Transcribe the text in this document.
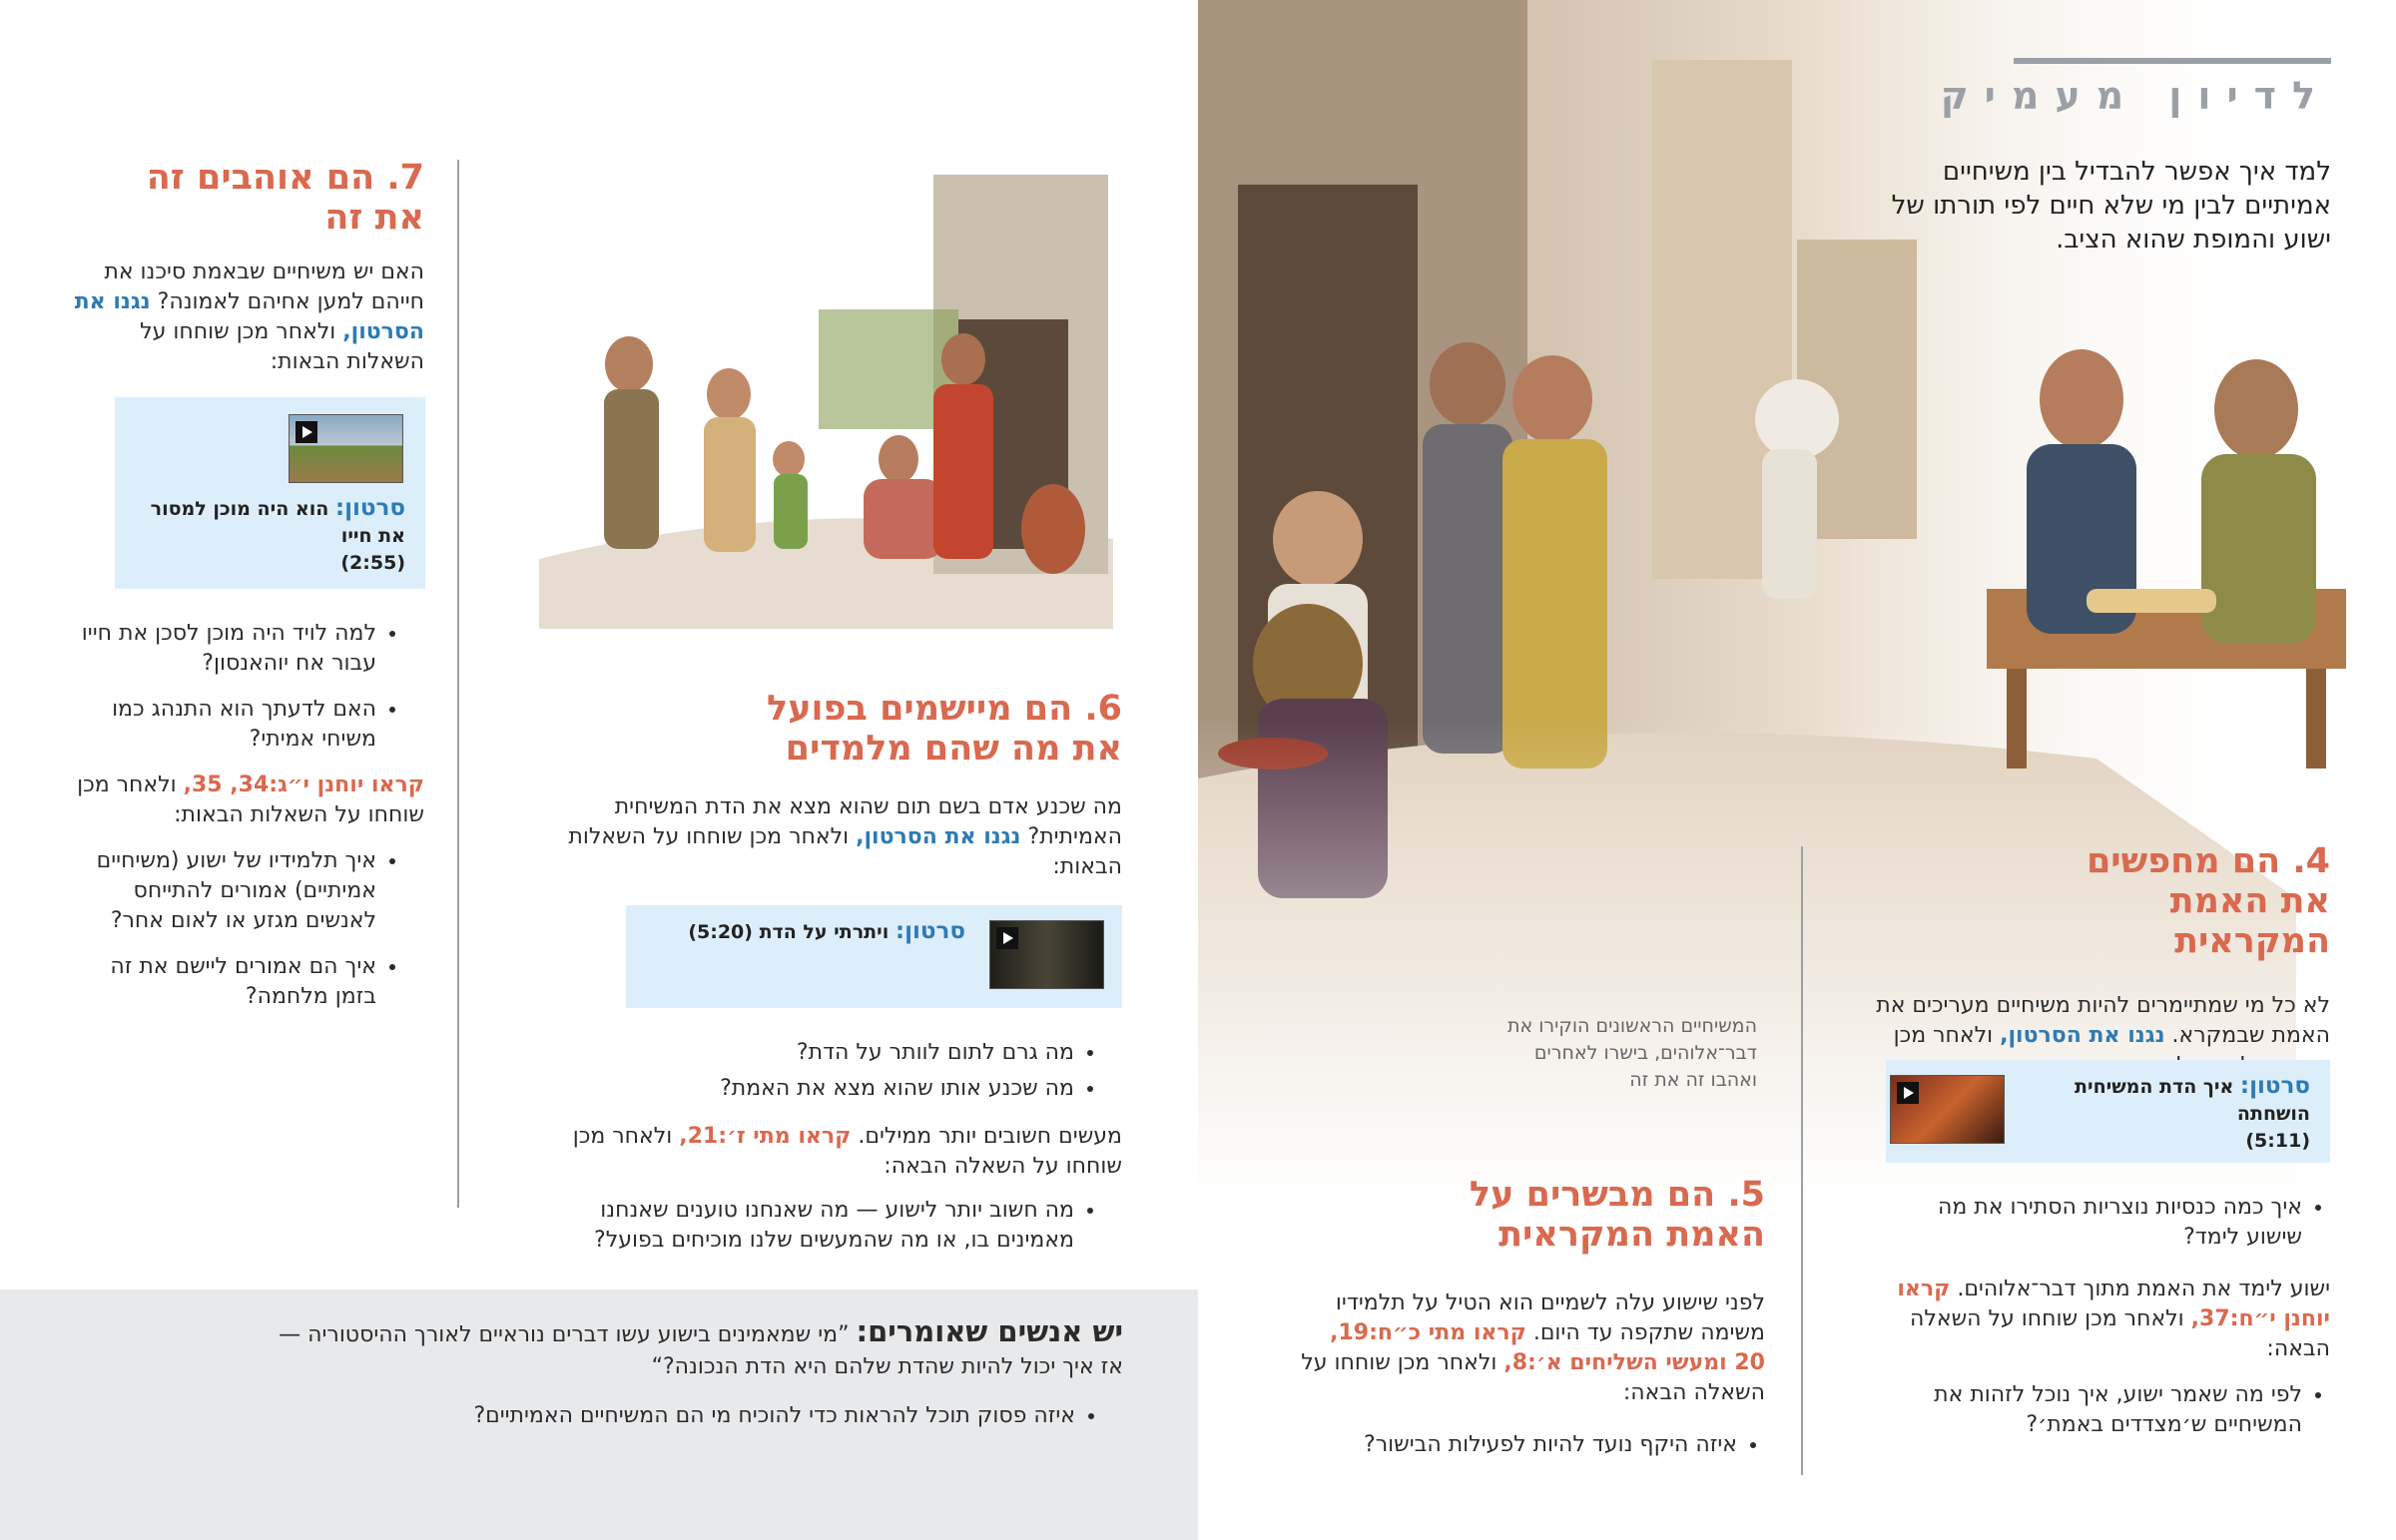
לדיון מעמיק

למד איך אפשר להבדיל בין משיחיים אמיתיים לבין מי שלא חיים לפי תורתו של ישוע והמופת שהוא הציב.

המשיחיים הראשונים הוקירו את דבר־אלוהים, בישרו לאחרים ואהבו זה את זה

4. הם מחפשים את האמת המקראית

לא כל מי שמתיימרים להיות משיחיים מעריכים את האמת שבמקרא. נגנו את הסרטון, ולאחר מכן

סרטון: איך הדת המשיחית הושחתה
(5:11)
• איך כמה כנסיות נוצריות הסתירו את מה שישוע לימד?

ישוע לימד את האמת מתוך דבר־אלוהים. קראו יוחנן י״ח:37, ולאחר מכן שוחחו על השאלה הבאה:

• לפי מה שאמר ישוע, איך נוכל לזהות את המשיחיים ש׳מצדדים באמת׳?
5. הם מבשרים על האמת המקראית

לפני שישוע עלה לשמיים הוא הטיל על תלמידיו משימה שתקפה עד היום. קראו מתי כ״ח:19, 20 ומעשי השליחים א׳:8, ולאחר מכן שוחחו על השאלה הבאה:

• איזה היקף נועד להיות לפעילות הבישור?
7. הם אוהבים זה את זה

האם יש משיחיים שבאמת סיכנו את חייהם למען אחיהם לאמונה? נגנו את הסרטון, ולאחר מכן שוחחו על השאלות הבאות:

סרטון: הוא היה מוכן למסור את חייו
(2:55)
• למה לויד היה מוכן לסכן את חייו עבור אח יוהאנסון?
• האם לדעתך הוא התנהג כמו משיחי אמיתי?

קראו יוחנן י״ג:34, 35, ולאחר מכן שוחחו על השאלות הבאות:

• איך תלמידיו של ישוע (משיחיים אמיתיים) אמורים להתייחס לאנשים מגזע או לאום אחר?
• איך הם אמורים ליישם את זה בזמן מלחמה?
6. הם מיישמים בפועל את מה שהם מלמדים

מה שכנע אדם בשם תום שהוא מצא את הדת המשיחית האמיתית? נגנו את הסרטון, ולאחר מכן שוחחו על השאלות הבאות:

סרטון: ויתרתי על הדת (5:20)
• מה גרם לתום לוותר על הדת?
• מה שכנע אותו שהוא מצא את האמת?

מעשים חשובים יותר ממילים. קראו מתי ז׳:21, ולאחר מכן שוחחו על השאלה הבאה:

• מה חשוב יותר לישוע — מה שאנחנו טוענים שאנחנו מאמינים בו, או מה שהמעשים שלנו מוכיחים בפועל?

יש אנשים שאומרים: ”מי שמאמינים בישוע עשו דברים נוראיים לאורך ההיסטוריה — אז איך יכול להיות שהדת שלהם היא הדת הנכונה?“

• איזה פסוק תוכל להראות כדי להוכיח מי הם המשיחיים האמיתיים?
